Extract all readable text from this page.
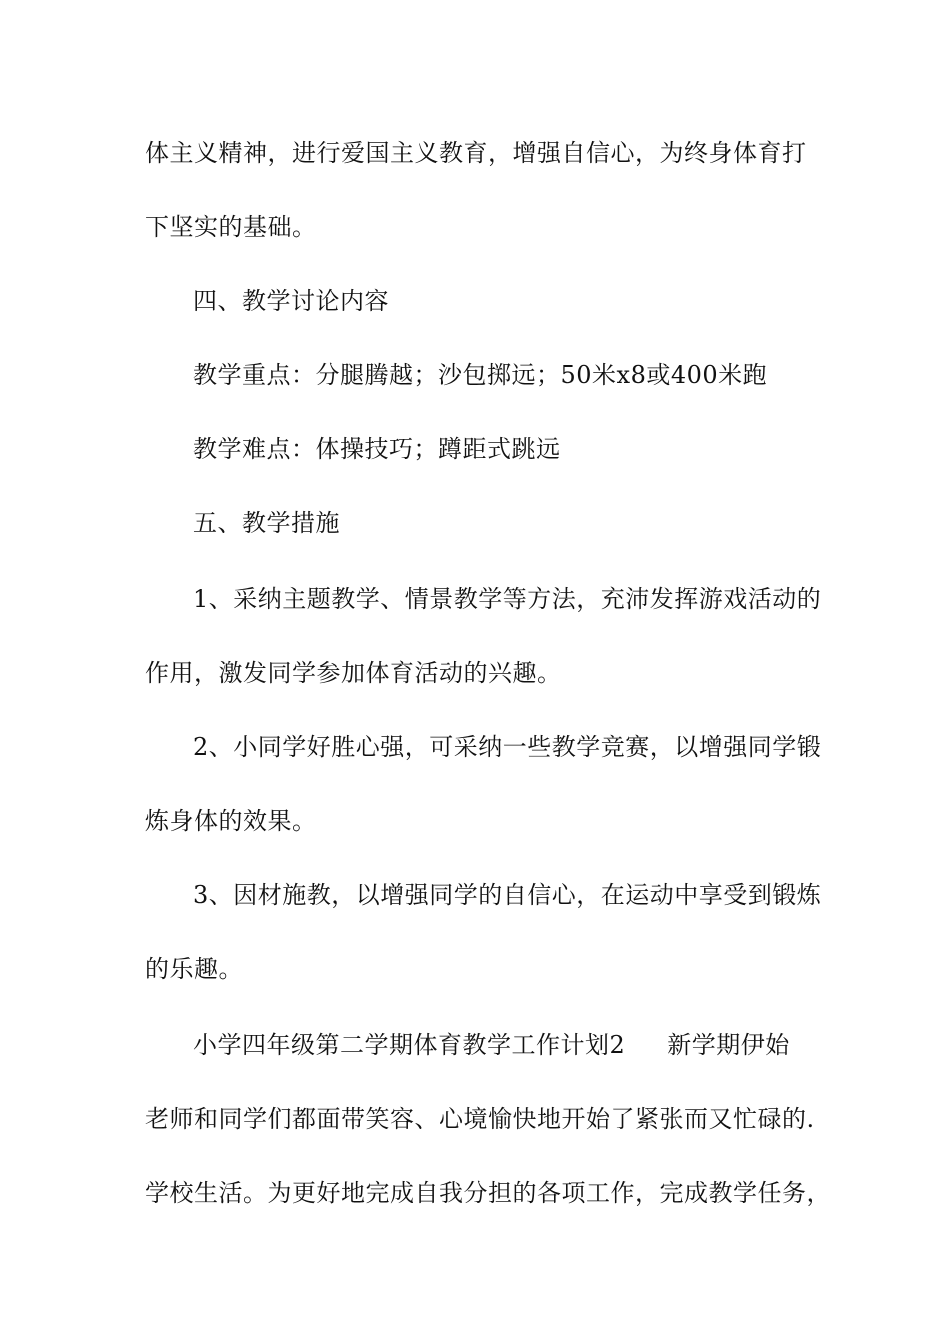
体主义精神，进行爱国主义教育，增强自信心，为终身体育打
下坚实的基础。
四、教学讨论内容
教学重点：分腿腾越；沙包掷远；50米x8或400米跑
教学难点：体操技巧；蹲距式跳远
五、教学措施
1、采纳主题教学、情景教学等方法，充沛发挥游戏活动的
作用，激发同学参加体育活动的兴趣。
2、小同学好胜心强，可采纳一些教学竞赛，以增强同学锻
炼身体的效果。
3、因材施教，以增强同学的自信心，在运动中享受到锻炼
的乐趣。
小学四年级第二学期体育教学工作计划2 新学期伊始
老师和同学们都面带笑容、心境愉快地开始了紧张而又忙碌的.
学校生活。为更好地完成自我分担的各项工作，完成教学任务，
